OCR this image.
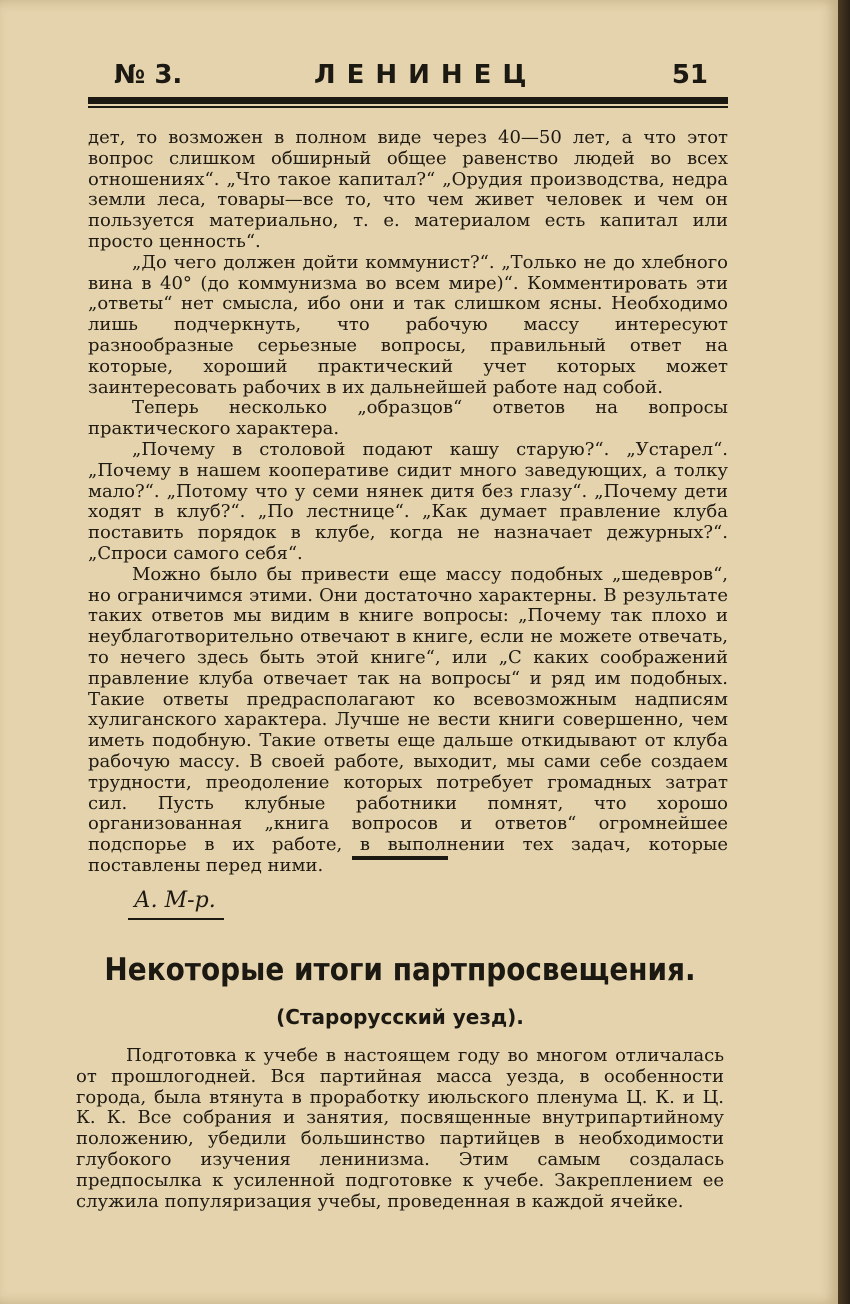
№ 3.	ЛЕНИНЕЦ	51

дет, то возможен в полном виде через 40—50 лет, а что этот вопрос слишком обширный общее равенство людей во всех отношениях“. „Что такое капитал?“ „Орудия производства, недра земли леса, товары—все то, что чем живет человек и чем он пользуется материально, т. е. материалом есть капитал или просто ценность“.

„До чего должен дойти коммунист?“. „Только не до хлебного вина в 40° (до коммунизма во всем мире)“. Комментировать эти „ответы“ нет смысла, ибо они и так слишком ясны. Необходимо лишь подчеркнуть, что рабочую массу интересуют разнообразные серьезные вопросы, правильный ответ на которые, хороший практический учет которых может заинтересовать рабочих в их дальнейшей работе над собой.

Теперь несколько „образцов“ ответов на вопросы практического характера.

„Почему в столовой подают кашу старую?“. „Устарел“. „Почему в нашем кооперативе сидит много заведующих, а толку мало?“. „Потому что у семи нянек дитя без глазу“. „Почему дети ходят в клуб?“. „По лестнице“. „Как думает правление клуба поставить порядок в клубе, когда не назначает дежурных?“. „Спроси самого себя“.

Можно было бы привести еще массу подобных „шедевров“, но ограничимся этими. Они достаточно характерны. В результате таких ответов мы видим в книге вопросы: „Почему так плохо и неублаготворительно отвечают в книге, если не можете отвечать, то нечего здесь быть этой книге“, или „С каких соображений правление клуба отвечает так на вопросы“ и ряд им подобных. Такие ответы предрасполагают ко всевозможным надписям хулиганского характера. Лучше не вести книги совершенно, чем иметь подобную. Такие ответы еще дальше откидывают от клуба рабочую массу. В своей работе, выходит, мы сами себе создаем трудности, преодоление которых потребует громадных затрат сил. Пусть клубные работники помнят, что хорошо организованная „книга вопросов и ответов“ огромнейшее подспорье в их работе, в выполнении тех задач, которые поставлены перед ними.

А. М-р.
Некоторые итоги партпросвещения.
(Старорусский уезд).

Подготовка к учебе в настоящем году во многом отличалась от прошлогодней. Вся партийная масса уезда, в особенности города, была втянута в проработку июльского пленума Ц. К. и Ц. К. К. Все собрания и занятия, посвященные внутрипартийному положению, убедили большинство партийцев в необходимости глубокого изучения ленинизма. Этим самым создалась предпосылка к усиленной подготовке к учебе. Закреплением ее служила популяризация учебы, проведенная в каждой ячейке.
